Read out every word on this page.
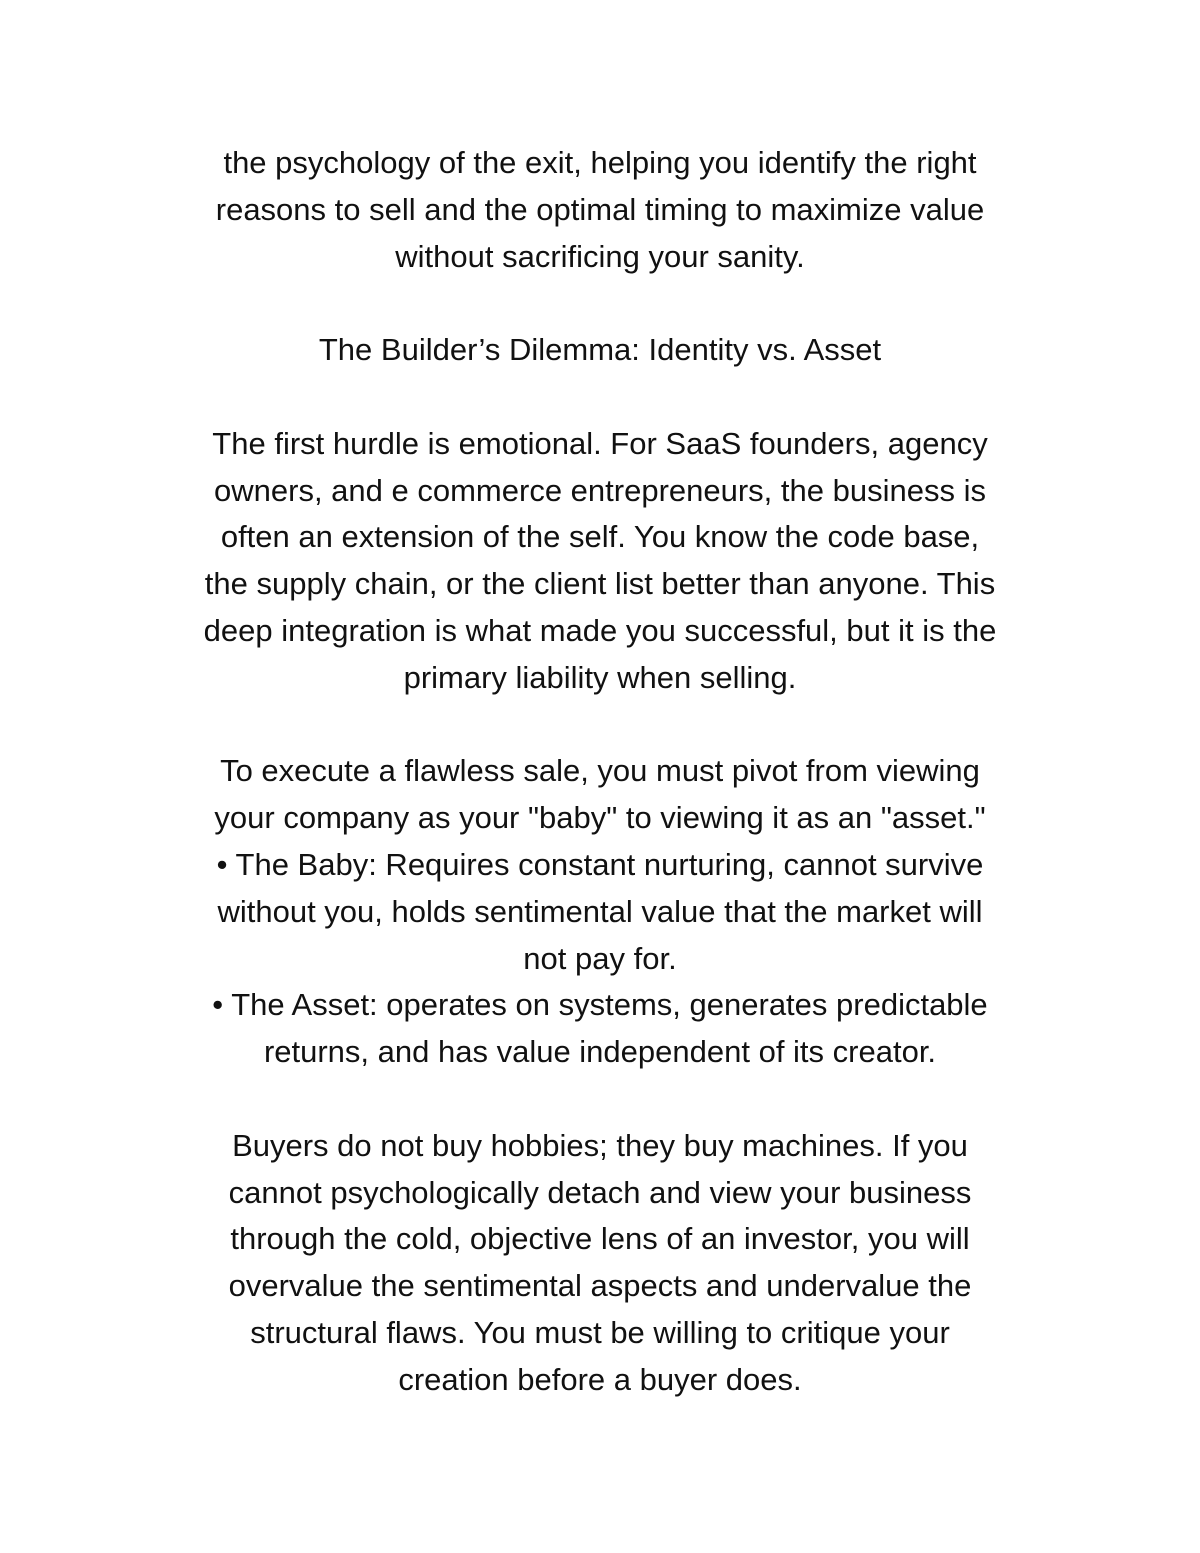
the psychology of the exit, helping you identify the right
reasons to sell and the optimal timing to maximize value
without sacrificing your sanity.

The Builder’s Dilemma: Identity vs. Asset

The first hurdle is emotional. For SaaS founders, agency
owners, and e commerce entrepreneurs, the business is
often an extension of the self. You know the code base,
the supply chain, or the client list better than anyone. This
deep integration is what made you successful, but it is the
primary liability when selling.

To execute a flawless sale, you must pivot from viewing
your company as your "baby" to viewing it as an "asset."
• The Baby: Requires constant nurturing, cannot survive
without you, holds sentimental value that the market will
not pay for.
• The Asset: operates on systems, generates predictable
returns, and has value independent of its creator.

Buyers do not buy hobbies; they buy machines. If you
cannot psychologically detach and view your business
through the cold, objective lens of an investor, you will
overvalue the sentimental aspects and undervalue the
structural flaws. You must be willing to critique your
creation before a buyer does.
